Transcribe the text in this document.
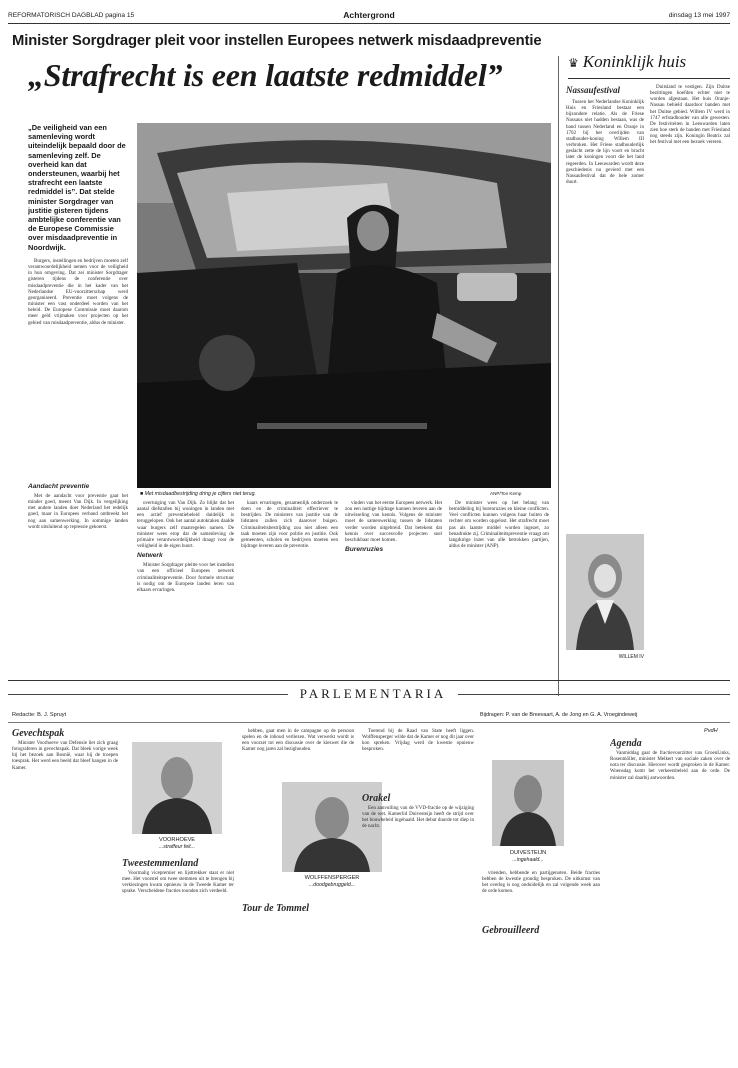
REFORMATORISCH DAGBLAD pagina 15	Achtergrond	dinsdag 13 mei 1997
Minister Sorgdrager pleit voor instellen Europees netwerk misdaadpreventie
„Strafrecht is een laatste redmiddel”	♛ Koninklijk huis
„De veiligheid van een samenleving wordt uiteindelijk bepaald door de samenleving zelf. De overheid kan dat ondersteunen, waarbij het strafrecht een laatste redmiddel is”. Dat stelde minister Sorgdrager van justitie gisteren tijdens ambtelijke conferentie van de Europese Commissie over misdaadpreventie in Noordwijk.
■ Met misdaadbestrijding dring je cijfers niet terug.	ANP/Ton Kemp

Burgers, instellingen en bedrijven moeten zelf verantwoordelijkheid nemen voor de veiligheid in hun omgeving. Dat zei minister Sorgdrager gisteren tijdens de conferentie over misdaadpreventie die in het kader van het Nederlandse EU-voorzitterschap werd georganiseerd. Preventie moet volgens de minister een vast onderdeel worden van het beleid. De Europese Commissie moet daarom meer geld vrijmaken voor projecten op het gebied van misdaadpreventie, aldus de minister.

Aandacht preventie

Met de aandacht voor preventie gaat het minder goed, meent Van Dijk. In vergelijking met andere landen doet Nederland het redelijk goed, maar in Europees verband ontbreekt het nog aan samenwerking. In sommige landen wordt uitsluitend op repressie gekoerst.

overtuiging van Van Dijk. Zo blijkt dat het aantal diefstallen bij woningen in landen met een actief preventiebeleid duidelijk is teruggelopen. Ook het aantal autokraken daalde waar burgers zelf maatregelen namen. De minister wees erop dat de samenleving de primaire verantwoordelijkheid draagt voor de veiligheid in de eigen buurt.

Netwerk

Minister Sorgdrager pleitte voor het instellen van een officieel Europees netwerk criminaliteitspreventie. Door formele structuur is nodig om de Europese landen leren van elkaars ervaringen.

kaars ervaringen, gezamenlijk onderzoek te doen en de criminaliteit effectiever te bestrijden. De ministers van justitie van de lidstaten zullen zich daarover buigen. Criminaliteitsbestrijding zou niet alleen een taak moeten zijn voor politie en justitie. Ook gemeenten, scholen en bedrijven moeten een bijdrage leveren aan de preventie.

vinden van het eerste Europees netwerk. Het zou een nuttige bijdrage kunnen leveren aan de uitwisseling van kennis. Volgens de minister moet de samenwerking tussen de lidstaten verder worden uitgebreid. Dat betekent dat kennis over succesvolle projecten snel beschikbaar moet komen.

Burenruzies

De minister wees op het belang van bemiddeling bij burenruzies en kleine conflicten. Veel conflicten kunnen volgens haar buiten de rechter om worden opgelost. Het strafrecht moet pas als laatste middel worden ingezet, zo benadrukte zij. Criminaliteitspreventie vraagt om langdurige inzet van alle betrokken partijen, aldus de minister (ANP).

Nassaufestival

Tussen het Nederlandse Koninklijk Huis en Friesland bestaat een bijzondere relatie. Als de Friese Nassaus niet hadden bestaan, was de band tussen Nederland en Oranje in 1702 bij het overlijden van stadhouder-koning Willem III verbroken. Het Friese stadhouderlijk geslacht zette de lijn voort en bracht later de koningen voort die het land regeerden. In Leeuwarden wordt deze geschiedenis nu gevierd met een Nassaufestival dat de hele zomer duurt.

Duitsland te vestigen. Zijn Duitse bezittingen hoefden echter niet te worden afgestaan. Het huis Oranje-Nassau behield daardoor banden met het Duitse gebied. Willem IV werd in 1747 erfstadhouder van alle gewesten. De festiviteiten in Leeuwarden laten zien hoe sterk de banden met Friesland nog steeds zijn. Koningin Beatrix zal het festival met een bezoek vereren.

WILLEM IV
PARLEMENTARIA
Redactie: B. J. Spruyt	Bijdragen: P. van de Breevaart, A. de Jong en G. A. Vroegindeweij
Gevechtspak

Minister Voorhoeve van Defensie liet zich graag fotograferen in gevechtspak. Dat bleek vorige week bij het bezoek aan Bosnië, waar hij de troepen toesprak. Het werd een beeld dat bleef hangen in de Kamer.

VOORHOEVE
...straffeur feit...
Tweestemmenland

Voormalig vicepremier en lijsttrekker staat er niet mee. Het voorstel om twee stemmen uit te brengen bij verkiezingen kwam opnieuw in de Tweede Kamer ter sprake. Verscheidene fracties toonden zich verdeeld.

hebben, gaat men in de campagne op de persoon spelen en de inhoud verliezen. Wat verwerkt wordt is een voorzet tot een discussie over de kieswet die de Kamer nog jaren zal bezighouden.

Tour de Tommel
WOLFFENSPERGER
...doodgebruggeld...

Toerend bij de Raad van State heeft liggen. Wolffensperger wilde dat de Kamer er nog dit jaar over kon spreken. Vrijdag werd de kwestie opnieuw besproken.

Orakel

Een aanvulling van de VVD-fractie op de wijziging van de wet. Kamerlid Duivesteijn heeft de strijd over het bouwbeleid ingehaald. Het debat duurde tot diep in de nacht.

DUIVESTEIJN
...ingehaald...

vrienden, hebbende en partijgenoten. Beide fracties hebben de kwestie grondig besproken. De uitkomst van het overleg is nog onduidelijk en zal volgende week aan de orde komen.

Gebrouilleerd
PvdH
Agenda

Vanmiddag gaat de fractievoorzitter van GroenLinks, Rosenmöller, minister Melkert van sociale zaken over de nota ter discussie. Hierover wordt gesproken in de Kamer. Woensdag komt het verkeersbeleid aan de orde. De minister zal daarbij antwoorden.
